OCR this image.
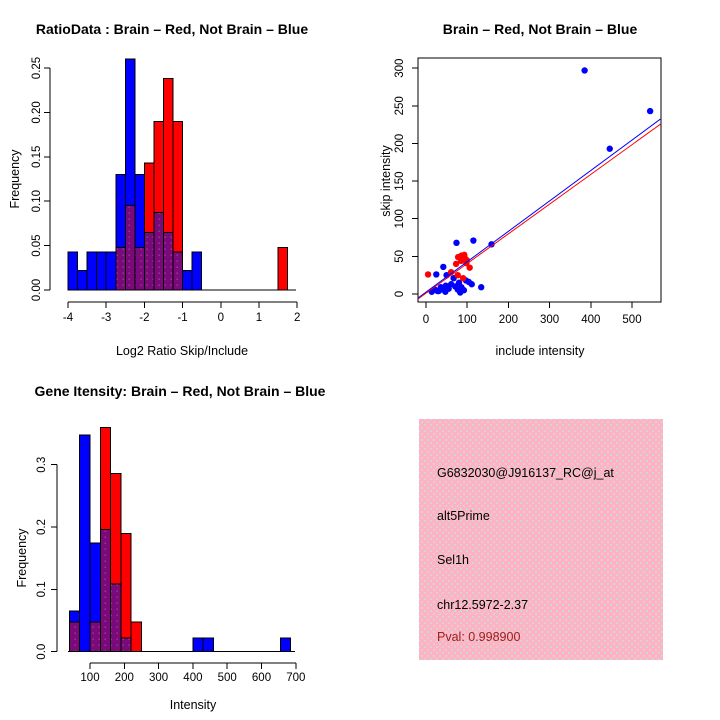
RatioData : Brain – Red, Not Brain – Blue
Log2 Ratio Skip/Include
Frequency
0.00
0.05
0.10
0.15
0.20
0.25
-4 -3 -2 -1	0	1	2
Brain – Red, Not Brain – Blue
include intensity
skip intensity
0 100 200 300 400 500
0
50
100
150
200
250
300
Gene Itensity: Brain – Red, Not Brain – Blue
Intensity
Frequency
0.0
0.1
0.2
0.3
100 200 300 400 500 600 700
G6832030@J916137_RC@j_at
alt5Prime
Sel1h
chr12.5972-2.37
Pval: 0.998900
